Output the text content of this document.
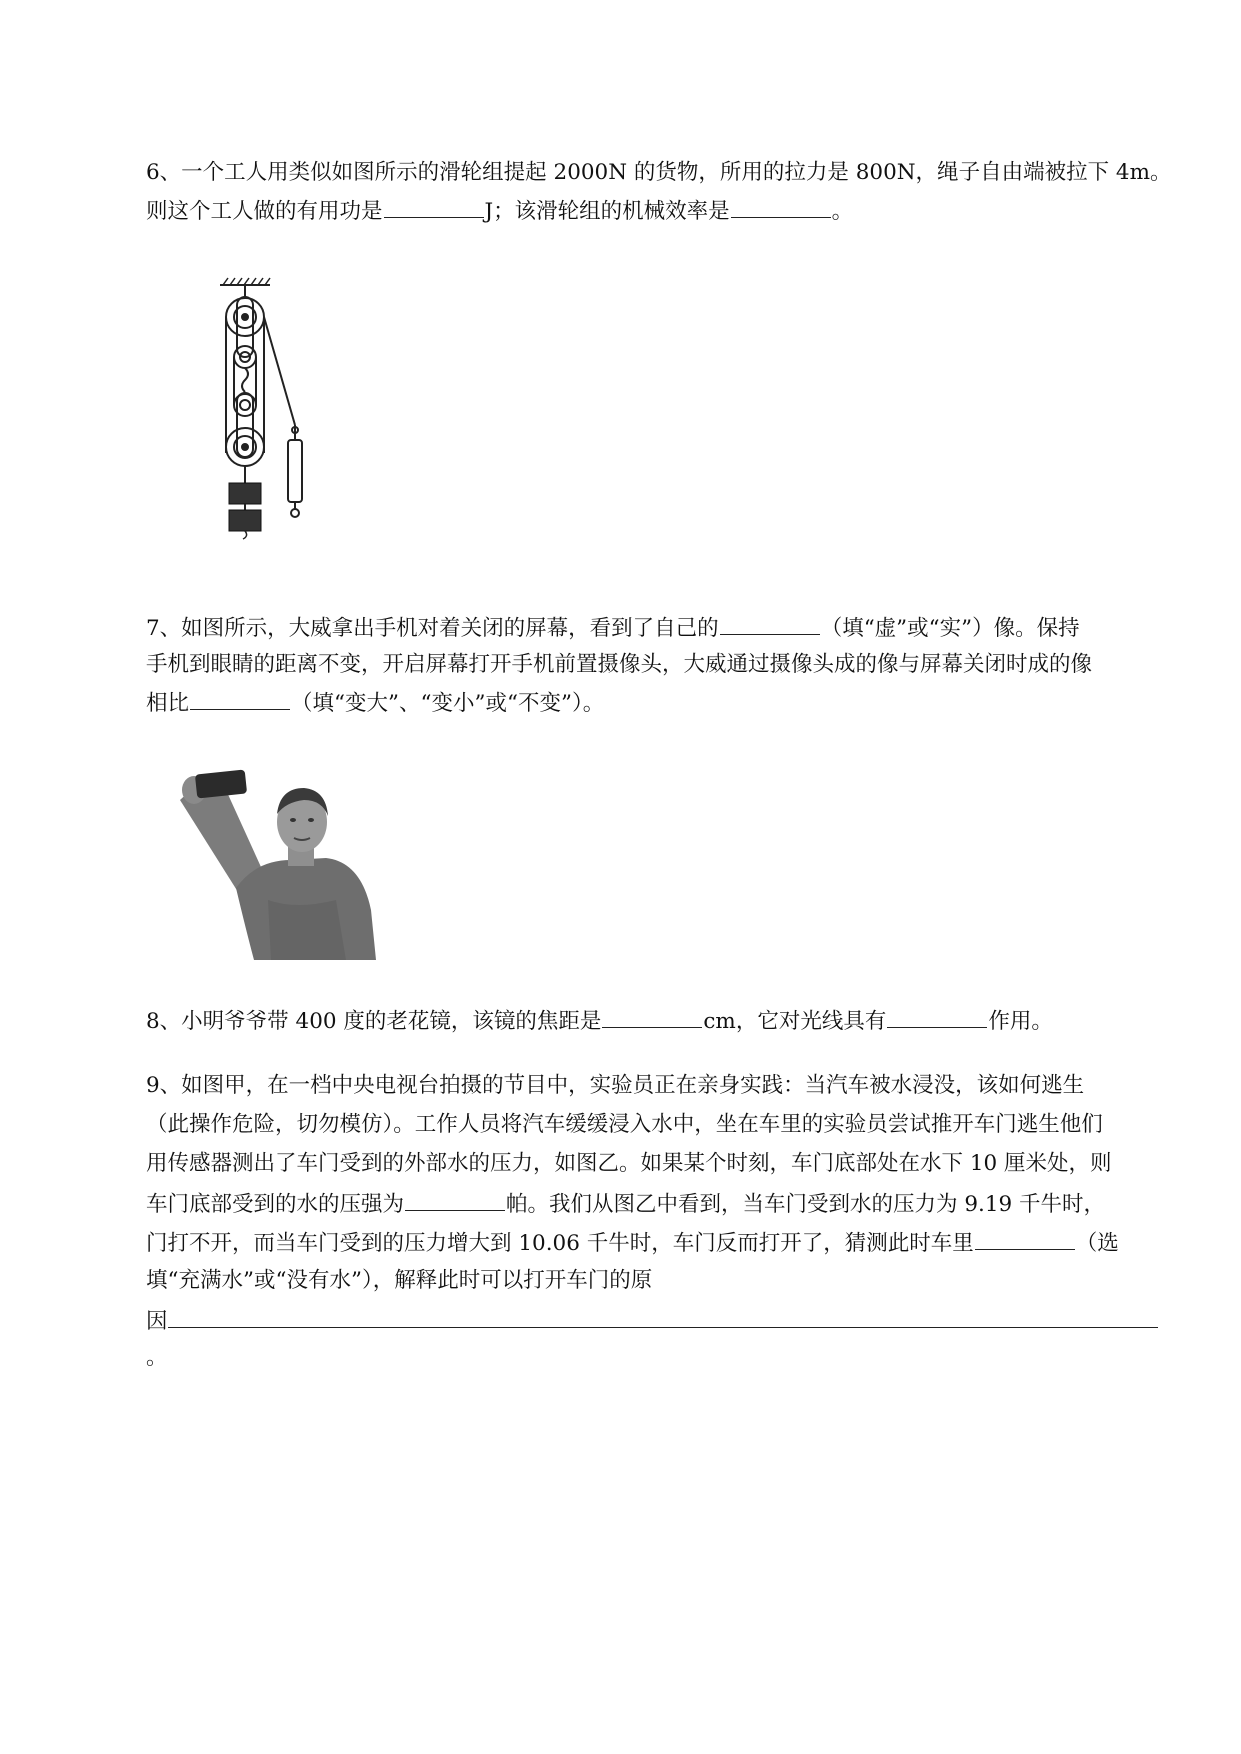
6、一个工人用类似如图所示的滑轮组提起 2000N 的货物，所用的拉力是 800N，绳子自由端被拉下 4m。
则这个工人做的有用功是	J；该滑轮组的机械效率是	。
7、如图所示，大威拿出手机对着关闭的屏幕，看到了自己的	（填“虚”或“实”）像。保持
手机到眼睛的距离不变，开启屏幕打开手机前置摄像头，大威通过摄像头成的像与屏幕关闭时成的像
相比	（填“变大”、“变小”或“不变”）。
8、小明爷爷带 400 度的老花镜，该镜的焦距是	cm，它对光线具有	作用。
9、如图甲，在一档中央电视台拍摄的节目中，实验员正在亲身实践：当汽车被水浸没，该如何逃生
（此操作危险，切勿模仿）。工作人员将汽车缓缓浸入水中，坐在车里的实验员尝试推开车门逃生他们
用传感器测出了车门受到的外部水的压力，如图乙。如果某个时刻，车门底部处在水下 10 厘米处，则
车门底部受到的水的压强为	帕。我们从图乙中看到，当车门受到水的压力为 9.19 千牛时，
门打不开，而当车门受到的压力增大到 10.06 千牛时，车门反而打开了，猜测此时车里	（选
填“充满水”或“没有水”），解释此时可以打开车门的原
因
。
